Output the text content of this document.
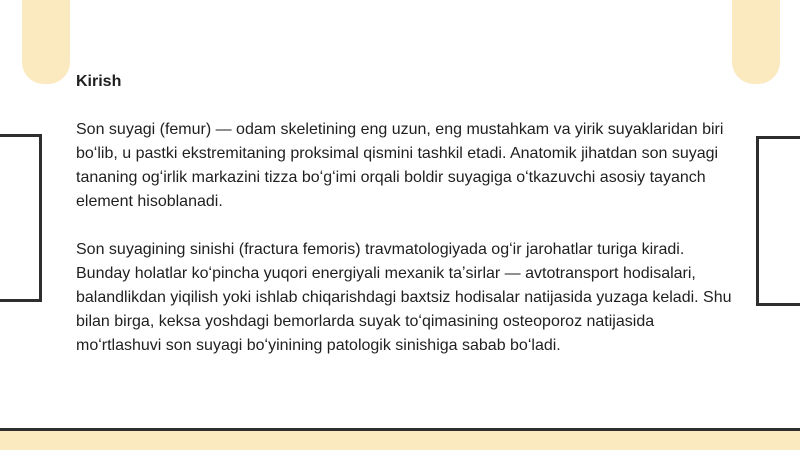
Kirish

Son suyagi (femur) — odam skeletining eng uzun, eng mustahkam va yirik suyaklaridan biri boʻlib, u pastki ekstremitaning proksimal qismini tashkil etadi. Anatomik jihatdan son suyagi tananing ogʻirlik markazini tizza boʻgʻimi orqali boldir suyagiga oʻtkazuvchi asosiy tayanch element hisoblanadi.

Son suyagining sinishi (fractura femoris) travmatologiyada ogʻir jarohatlar turiga kiradi. Bunday holatlar koʻpincha yuqori energiyali mexanik taʼsirlar — avtotransport hodisalari, balandlikdan yiqilish yoki ishlab chiqarishdagi baxtsiz hodisalar natijasida yuzaga keladi. Shu bilan birga, keksa yoshdagi bemorlarda suyak toʻqimasining osteoporoz natijasida moʻrtlashuvi son suyagi boʻyinining patologik sinishiga sabab boʻladi.
